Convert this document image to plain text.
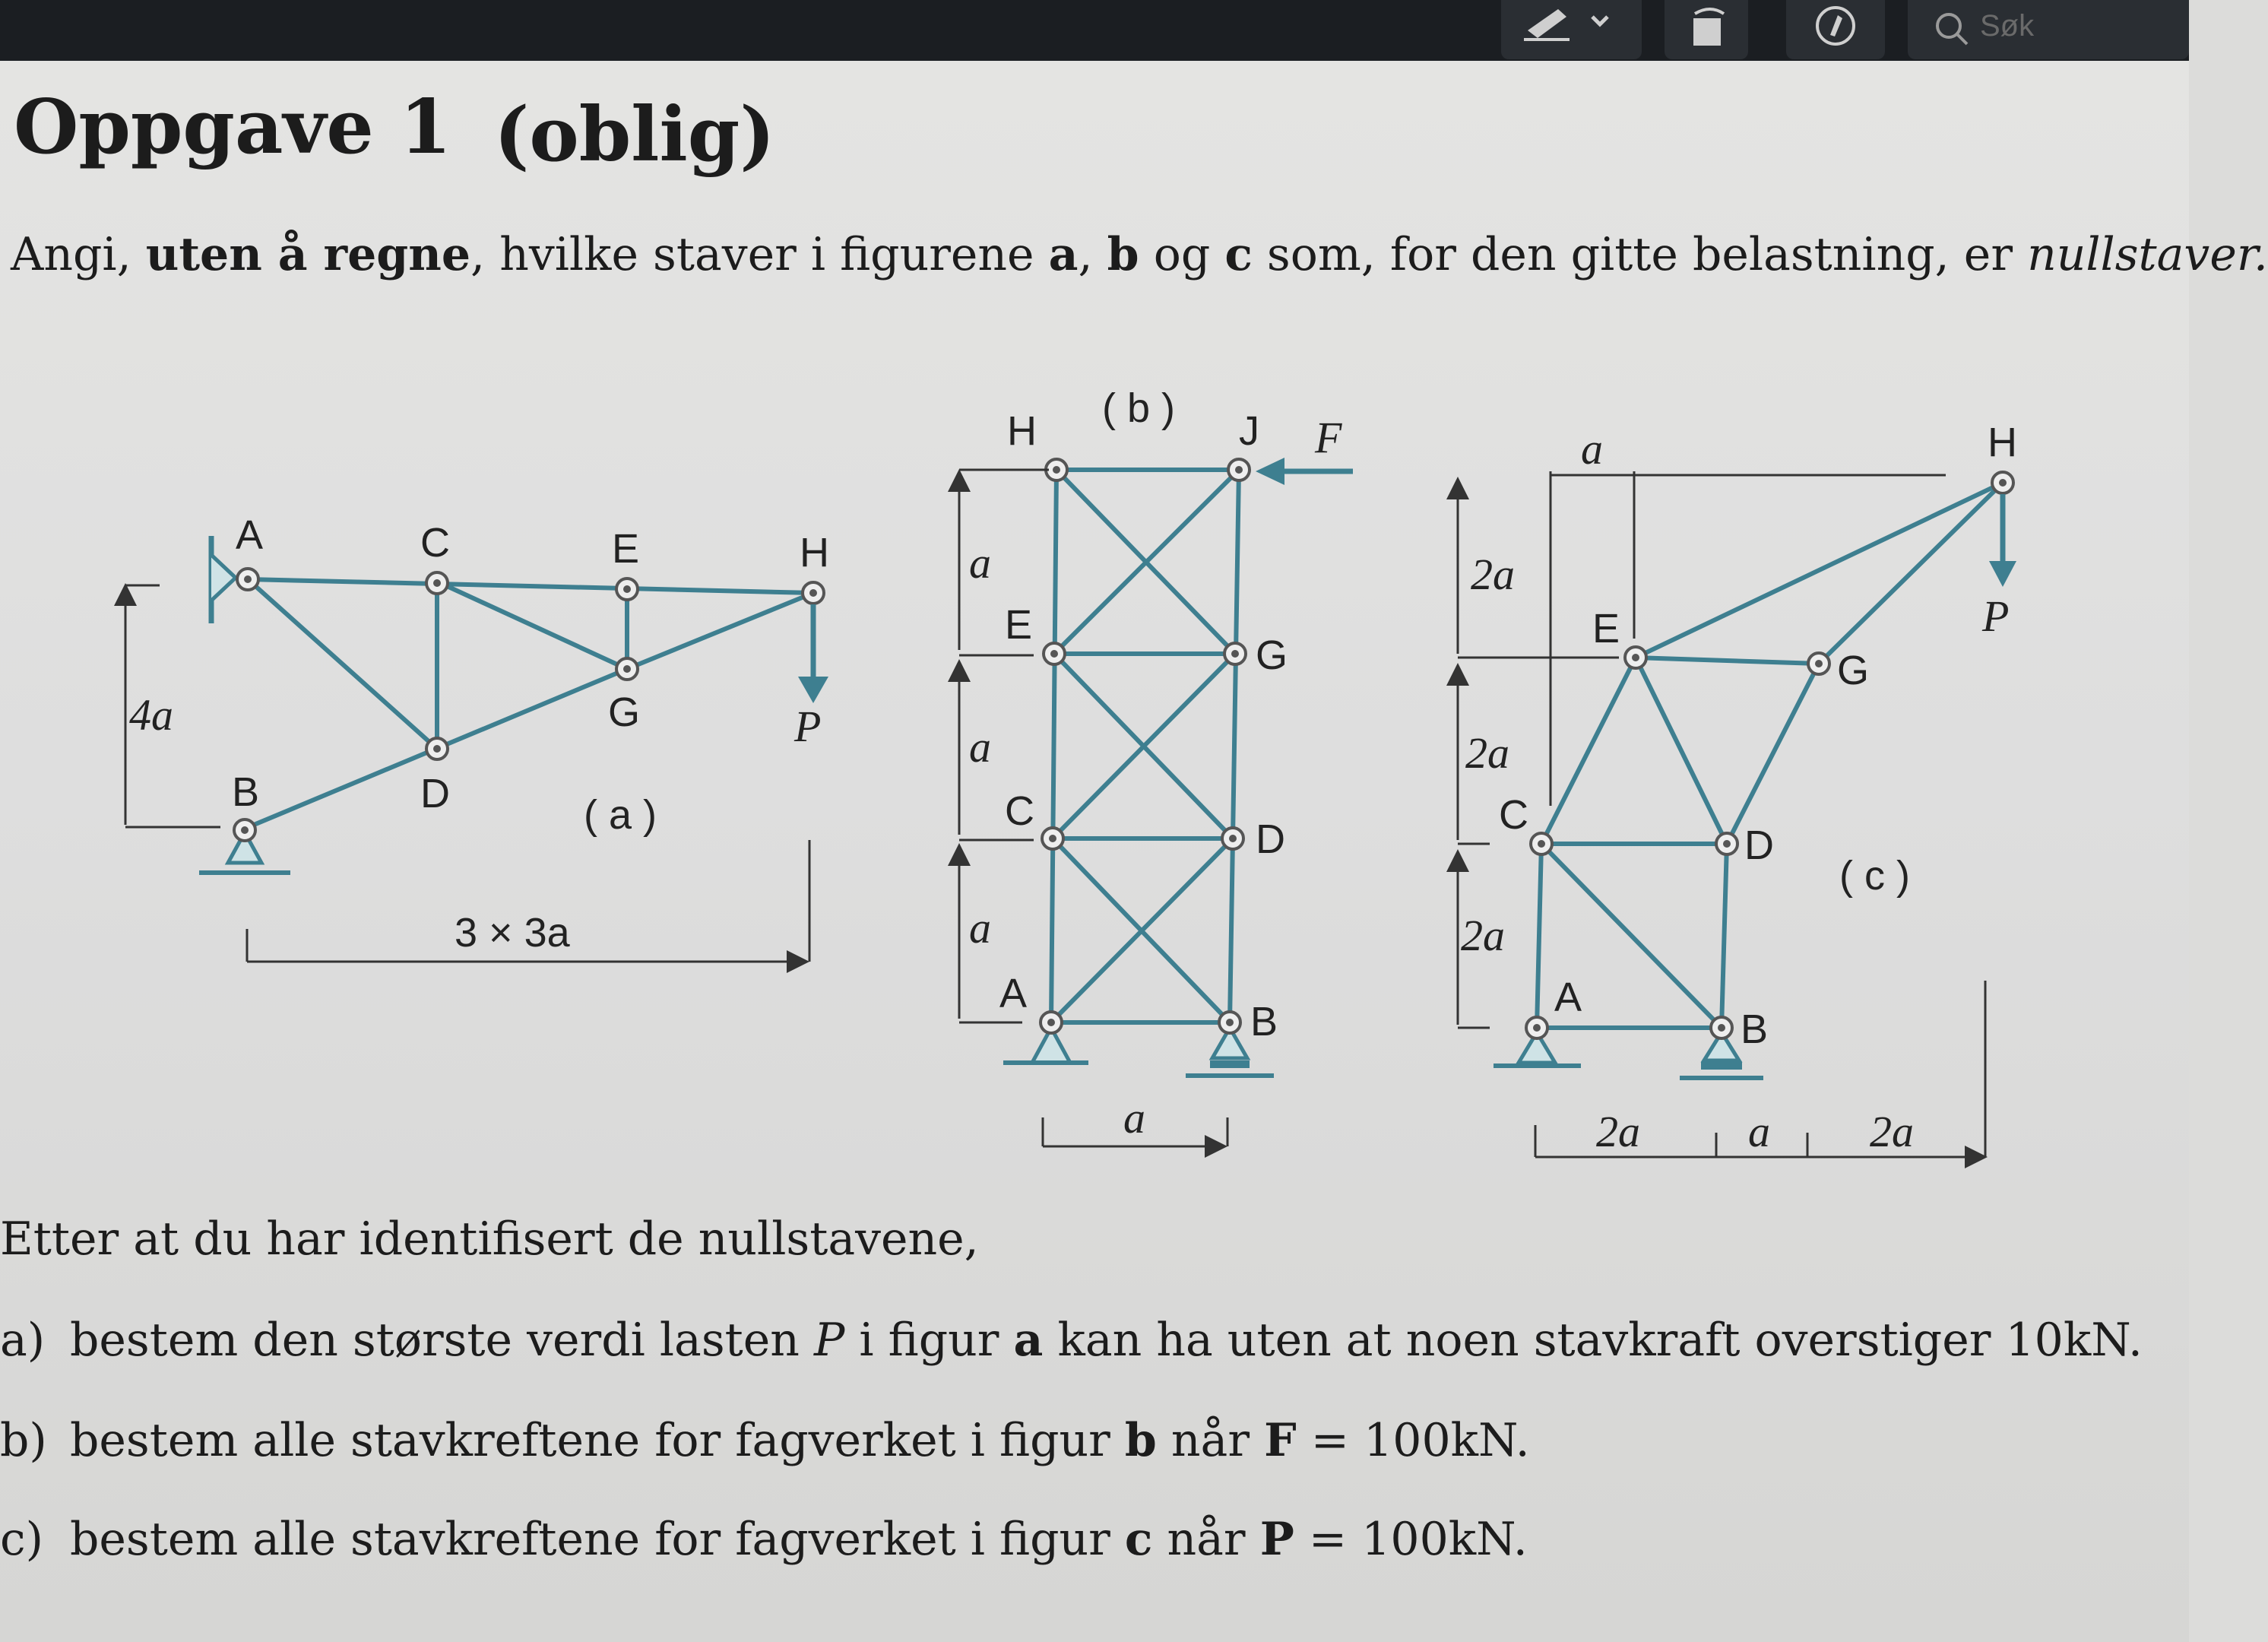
Søk
Oppgave 1 (oblig)
Angi, uten å regne, hvilke staver i figurene a, b og c som, for den gitte belastning, er nullstaver.
A	C	E	H
G
D
B
P
( a )
4a
3 × 3a
( b )
H	J F
E
G
C
D
A
B
a
a
a
a
H
P
E
G
C
D
A
B
( c )
a
2a
2a
2a
2a a 2a
Etter at du har identifisert de nullstavene,
a) bestem den største verdi lasten P i figur a kan ha uten at noen stavkraft overstiger 10kN.
b) bestem alle stavkreftene for fagverket i figur b når F = 100kN.
c) bestem alle stavkreftene for fagverket i figur c når P = 100kN.
